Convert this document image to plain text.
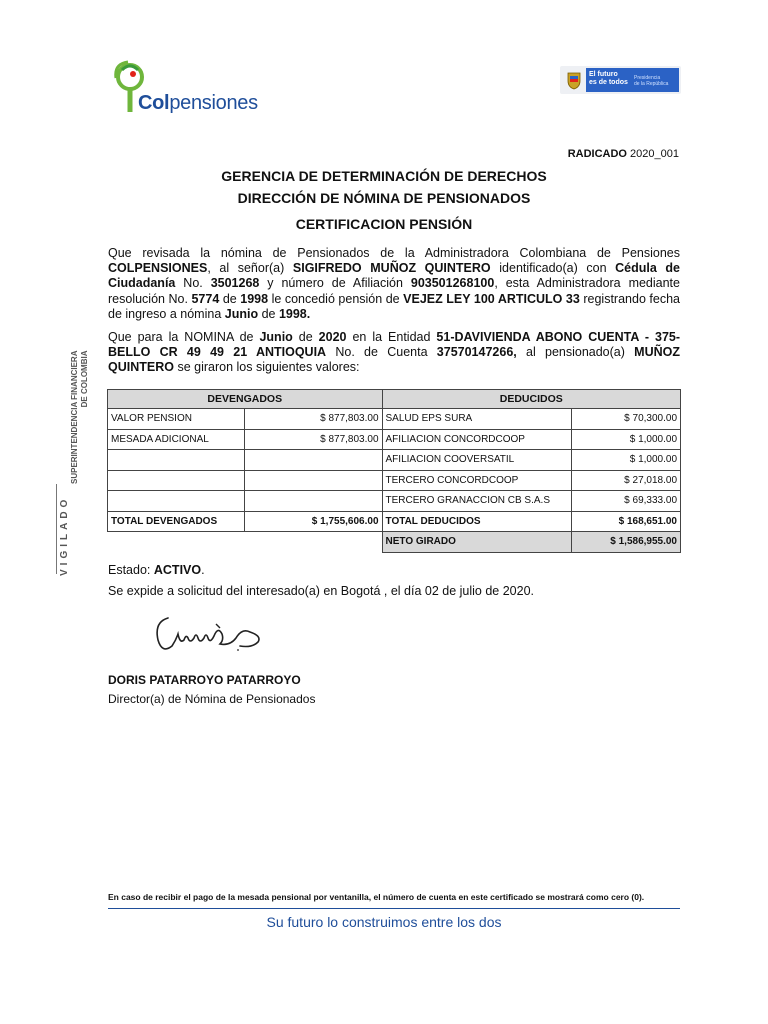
Colpensiones
El futuro
es de todos
Presidencia
de la República
RADICADO 2020_001
GERENCIA DE DETERMINACIÓN DE DERECHOS
DIRECCIÓN DE NÓMINA DE PENSIONADOS
CERTIFICACION PENSIÓN
Que revisada la nómina de Pensionados de la Administradora Colombiana de Pensiones COLPENSIONES, al señor(a) SIGIFREDO MUÑOZ QUINTERO identificado(a) con Cédula de Ciudadanía No. 3501268 y número de Afiliación 903501268100, esta Administradora mediante resolución No. 5774 de 1998 le concedió pensión de VEJEZ LEY 100 ARTICULO 33 registrando fecha de ingreso a nómina Junio de 1998.
Que para la NOMINA de Junio de 2020 en la Entidad 51-DAVIVIENDA ABONO CUENTA - 375-BELLO CR 49 49 21 ANTIOQUIA No. de Cuenta 37570147266, al pensionado(a) MUÑOZ QUINTERO se giraron los siguientes valores:
VIGILADO
SUPERINTENDENCIA FINANCIERA DE COLOMBIA	DEVENGADOS		DEDUCIDOS	
VALOR PENSION	$ 877,803.00	SALUD EPS SURA	$ 70,300.00
MESADA ADICIONAL	$ 877,803.00	AFILIACION CONCORDCOOP	$ 1,000.00
		AFILIACION COOVERSATIL	$ 1,000.00
		TERCERO CONCORDCOOP	$ 27,018.00
		TERCERO GRANACCION CB S.A.S	$ 69,333.00
TOTAL DEVENGADOS	$ 1,755,606.00	TOTAL DEDUCIDOS	$ 168,651.00
		NETO GIRADO	$ 1,586,955.00
Estado: ACTIVO.
Se expide a solicitud del interesado(a) en Bogotá , el día 02 de julio de 2020.
DORIS PATARROYO PATARROYO
Director(a) de Nómina de Pensionados
En caso de recibir el pago de la mesada pensional por ventanilla, el número de cuenta en este certificado se mostrará como cero (0).
Su futuro lo construimos entre los dos
